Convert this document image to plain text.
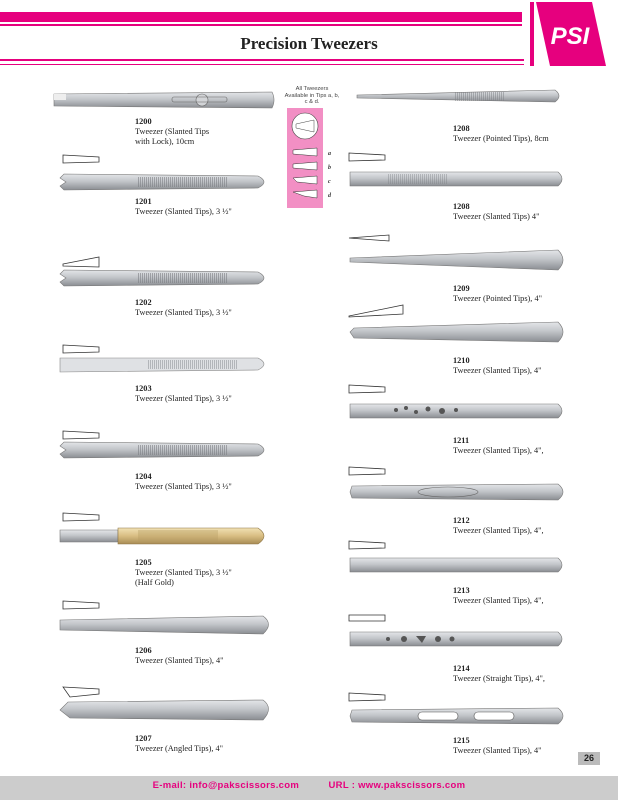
PSI
Precision Tweezers
All Tweezers Available in Tips a, b, c & d.
a
b
c
d
1200
Tweezer (Slanted Tips
with Lock), 10cm
1201
Tweezer (Slanted Tips), 3 ½"
1202
Tweezer (Slanted Tips), 3 ½"
1203
Tweezer (Slanted Tips), 3 ½"
1204
Tweezer (Slanted Tips), 3 ½"
1205
Tweezer (Slanted Tips), 3 ½"
(Half Gold)
1206
Tweezer (Slanted Tips), 4"
1207
Tweezer (Angled Tips), 4"
1208
Tweezer (Pointed Tips), 8cm
1208
Tweezer (Slanted Tips) 4"
1209
Tweezer (Pointed Tips), 4"
1210
Tweezer (Slanted Tips), 4"
1211
Tweezer (Slanted Tips), 4",
1212
Tweezer (Slanted Tips), 4",
1213
Tweezer (Slanted Tips), 4",
1214
Tweezer (Straight Tips), 4",
1215
Tweezer (Slanted Tips), 4"
26
E-mail: info@pakscissors.com	URL : www.pakscissors.com
